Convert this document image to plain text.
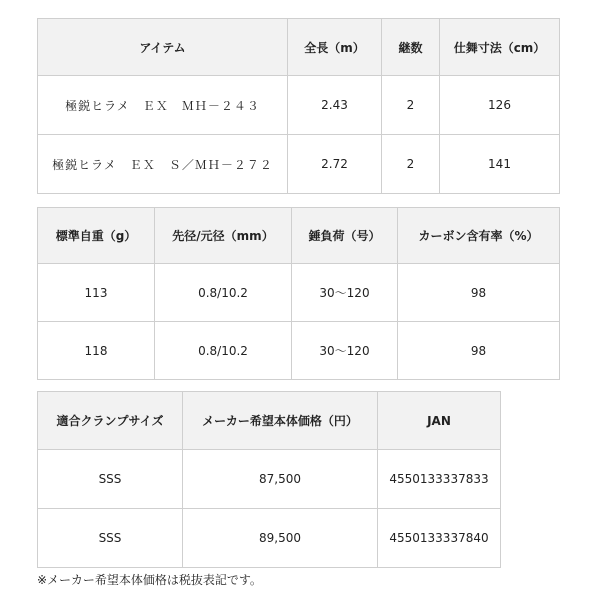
アイテム	全長（m）	継数	仕舞寸法（cm）
極鋭ヒラメ　ＥＸ　ＭＨ－２４３	2.43	2	126
極鋭ヒラメ　ＥＸ　Ｓ／ＭＨ－２７２	2.72	2	141
標準自重（g）	先径/元径（mm）	錘負荷（号）	カーボン含有率（%）
113	0.8/10.2	30～120	98
118	0.8/10.2	30～120	98
適合クランプサイズ	メーカー希望本体価格（円）	JAN
SSS	87,500	4550133337833
SSS	89,500	4550133337840
※メーカー希望本体価格は税抜表記です。
